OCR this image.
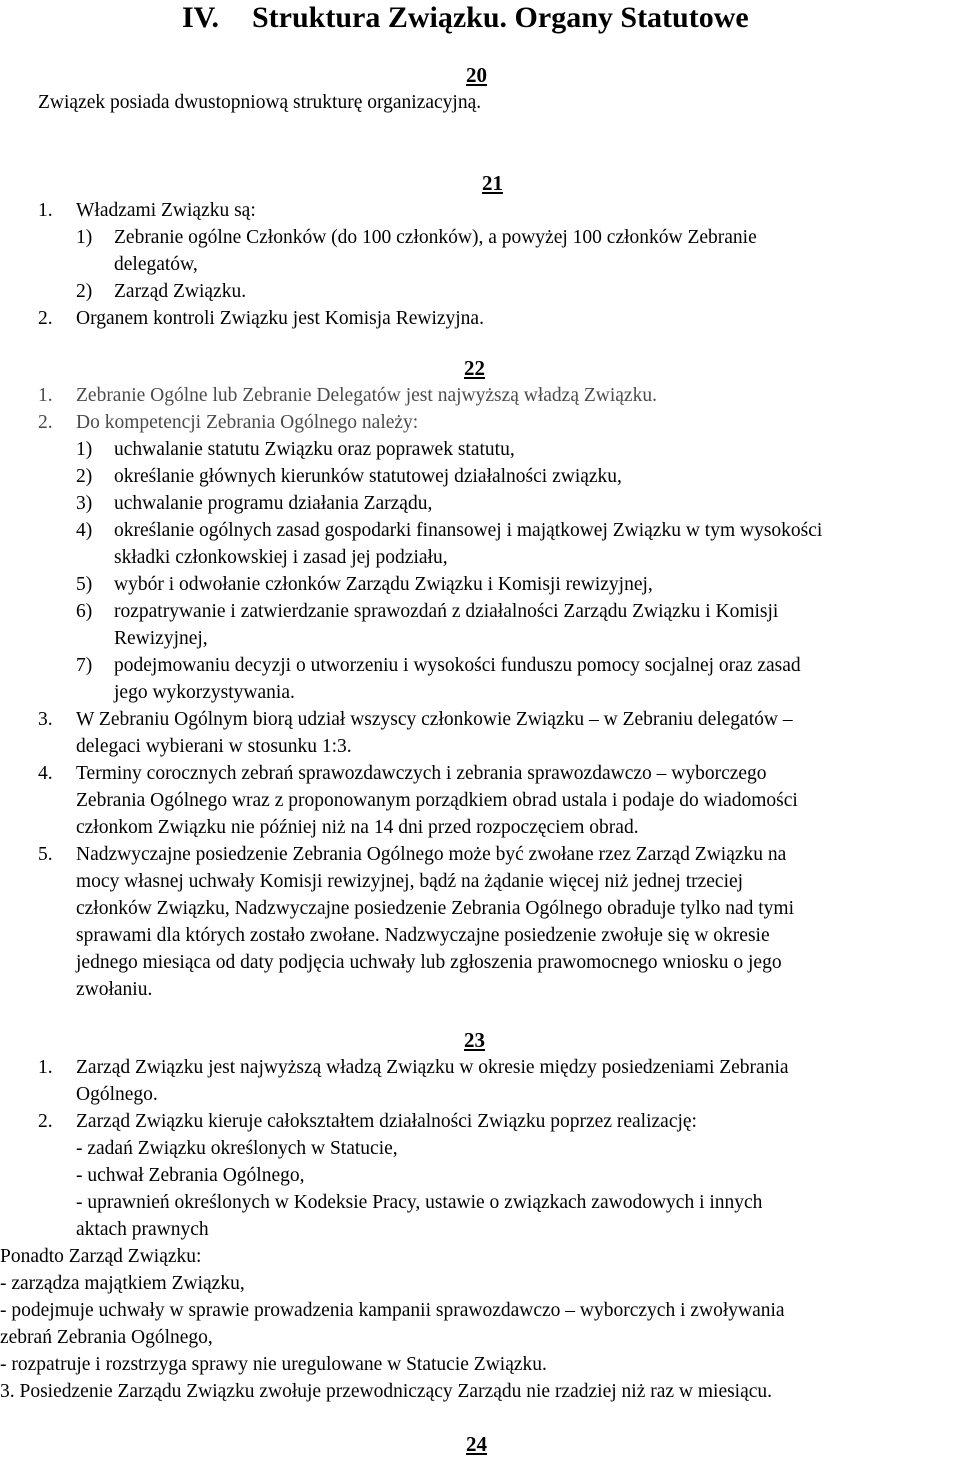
IV. Struktura Związku. Organy Statutowe
20
Związek posiada dwustopniową strukturę organizacyjną.
21
1. Władzami Związku są:
1) Zebranie ogólne Członków (do 100 członków), a powyżej 100 członków Zebranie
delegatów,
2) Zarząd Związku.
2. Organem kontroli Związku jest Komisja Rewizyjna.
22
1. Zebranie Ogólne lub Zebranie Delegatów jest najwyższą władzą Związku.
2. Do kompetencji Zebrania Ogólnego należy:
1) uchwalanie statutu Związku oraz poprawek statutu,
2) określanie głównych kierunków statutowej działalności związku,
3) uchwalanie programu działania Zarządu,
4) określanie ogólnych zasad gospodarki finansowej i majątkowej Związku w tym wysokości
składki członkowskiej i zasad jej podziału,
5) wybór i odwołanie członków Zarządu Związku i Komisji rewizyjnej,
6) rozpatrywanie i zatwierdzanie sprawozdań z działalności Zarządu Związku i Komisji
Rewizyjnej,
7) podejmowaniu decyzji o utworzeniu i wysokości funduszu pomocy socjalnej oraz zasad
jego wykorzystywania.
3. W Zebraniu Ogólnym biorą udział wszyscy członkowie Związku – w Zebraniu delegatów –
delegaci wybierani w stosunku 1:3.
4. Terminy corocznych zebrań sprawozdawczych i zebrania sprawozdawczo – wyborczego
Zebrania Ogólnego wraz z proponowanym porządkiem obrad ustala i podaje do wiadomości
członkom Związku nie później niż na 14 dni przed rozpoczęciem obrad.
5. Nadzwyczajne posiedzenie Zebrania Ogólnego może być zwołane rzez Zarząd Związku na
mocy własnej uchwały Komisji rewizyjnej, bądź na żądanie więcej niż jednej trzeciej
członków Związku, Nadzwyczajne posiedzenie Zebrania Ogólnego obraduje tylko nad tymi
sprawami dla których zostało zwołane. Nadzwyczajne posiedzenie zwołuje się w okresie
jednego miesiąca od daty podjęcia uchwały lub zgłoszenia prawomocnego wniosku o jego
zwołaniu.
23
1. Zarząd Związku jest najwyższą władzą Związku w okresie między posiedzeniami Zebrania
Ogólnego.
2. Zarząd Związku kieruje całokształtem działalności Związku poprzez realizację:
- zadań Związku określonych w Statucie,
- uchwał Zebrania Ogólnego,
- uprawnień określonych w Kodeksie Pracy, ustawie o związkach zawodowych i innych
aktach prawnych
Ponadto Zarząd Związku:
- zarządza majątkiem Związku,
- podejmuje uchwały w sprawie prowadzenia kampanii sprawozdawczo – wyborczych i zwoływania
zebrań Zebrania Ogólnego,
- rozpatruje i rozstrzyga sprawy nie uregulowane w Statucie Związku.
3. Posiedzenie Zarządu Związku zwołuje przewodniczący Zarządu nie rzadziej niż raz w miesiącu.
24
